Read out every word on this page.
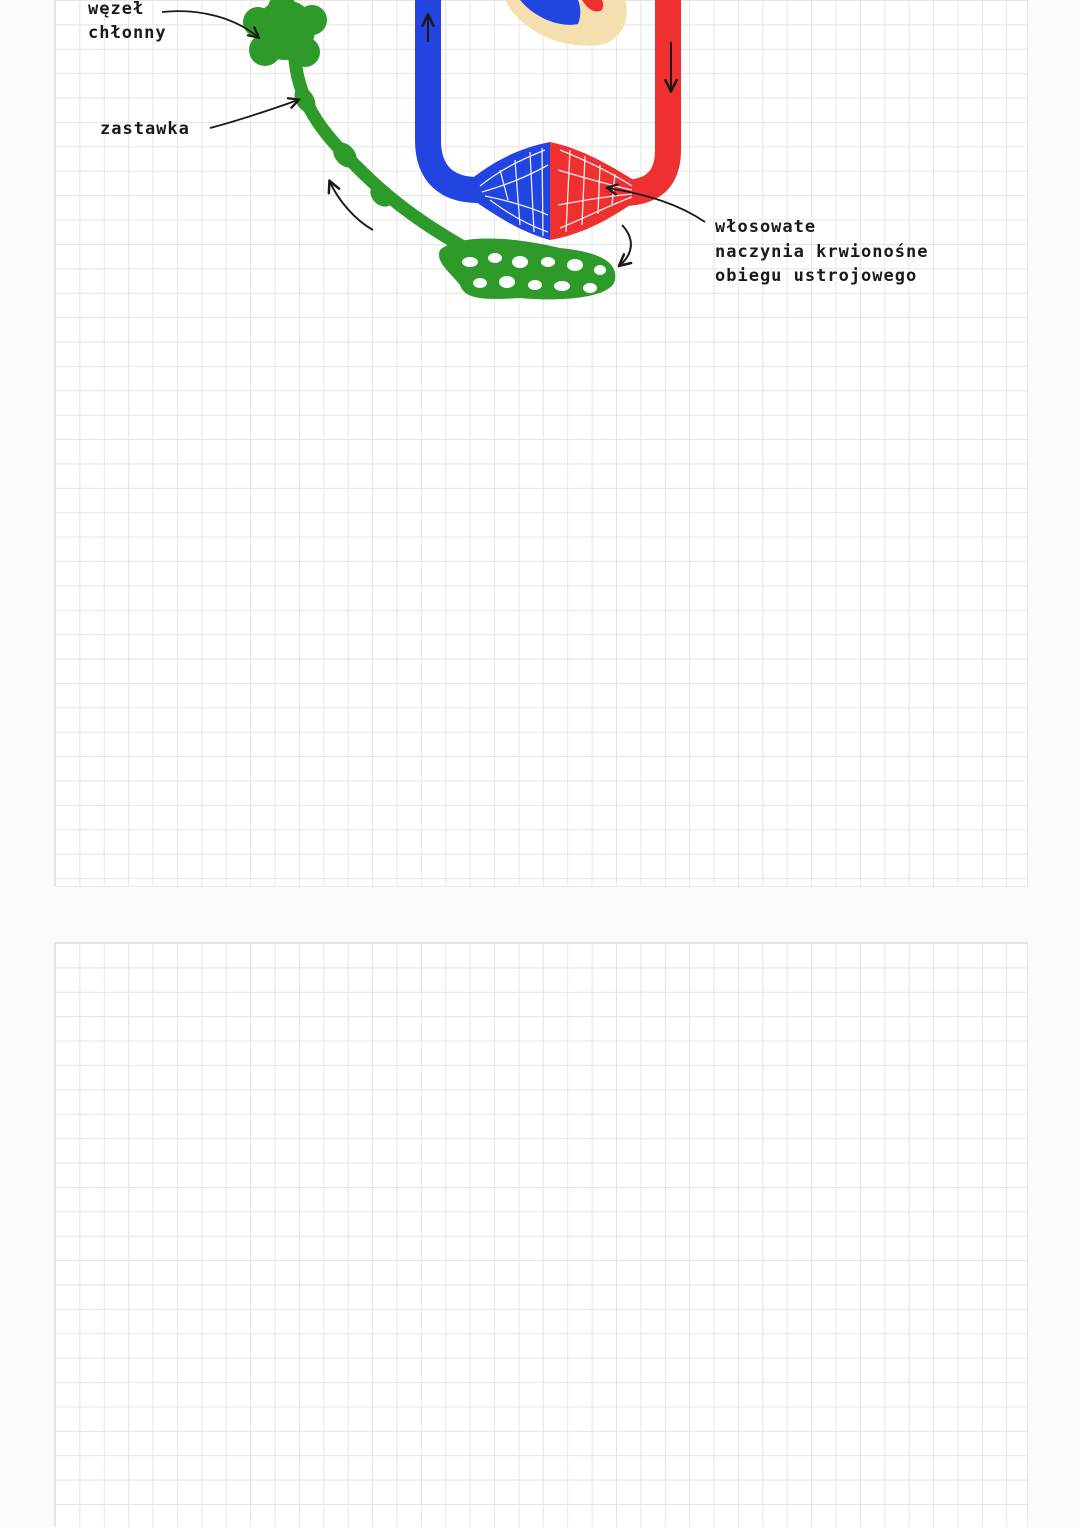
węzeł
chłonny
zastawka
włosowate
naczynia krwionośne
obiegu ustrojowego
